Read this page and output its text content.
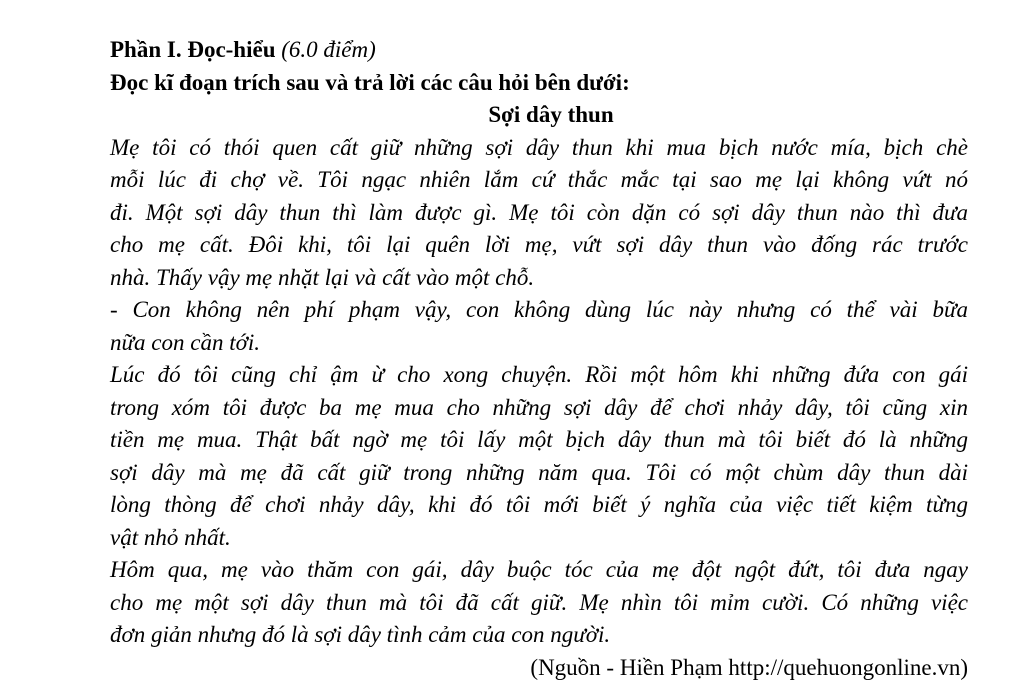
Phần I. Đọc-hiểu (6.0 điểm)
Đọc kĩ đoạn trích sau và trả lời các câu hỏi bên dưới:
Sợi dây thun
Mẹ tôi có thói quen cất giữ những sợi dây thun khi mua bịch nước mía, bịch chè
mỗi lúc đi chợ về. Tôi ngạc nhiên lắm cứ thắc mắc tại sao mẹ lại không vứt nó
đi. Một sợi dây thun thì làm được gì. Mẹ tôi còn dặn có sợi dây thun nào thì đưa
cho mẹ cất. Đôi khi, tôi lại quên lời mẹ, vứt sợi dây thun vào đống rác trước
nhà. Thấy vậy mẹ nhặt lại và cất vào một chỗ.
- Con không nên phí phạm vậy, con không dùng lúc này nhưng có thể vài bữa
nữa con cần tới.
Lúc đó tôi cũng chỉ ậm ừ cho xong chuyện. Rồi một hôm khi những đứa con gái
trong xóm tôi được ba mẹ mua cho những sợi dây để chơi nhảy dây, tôi cũng xin
tiền mẹ mua. Thật bất ngờ mẹ tôi lấy một bịch dây thun mà tôi biết đó là những
sợi dây mà mẹ đã cất giữ trong những năm qua. Tôi có một chùm dây thun dài
lòng thòng để chơi nhảy dây, khi đó tôi mới biết ý nghĩa của việc tiết kiệm từng
vật nhỏ nhất.
Hôm qua, mẹ vào thăm con gái, dây buộc tóc của mẹ đột ngột đứt, tôi đưa ngay
cho mẹ một sợi dây thun mà tôi đã cất giữ. Mẹ nhìn tôi mỉm cười. Có những việc
đơn giản nhưng đó là sợi dây tình cảm của con người.
(Nguồn - Hiền Phạm http://quehuongonline.vn)
